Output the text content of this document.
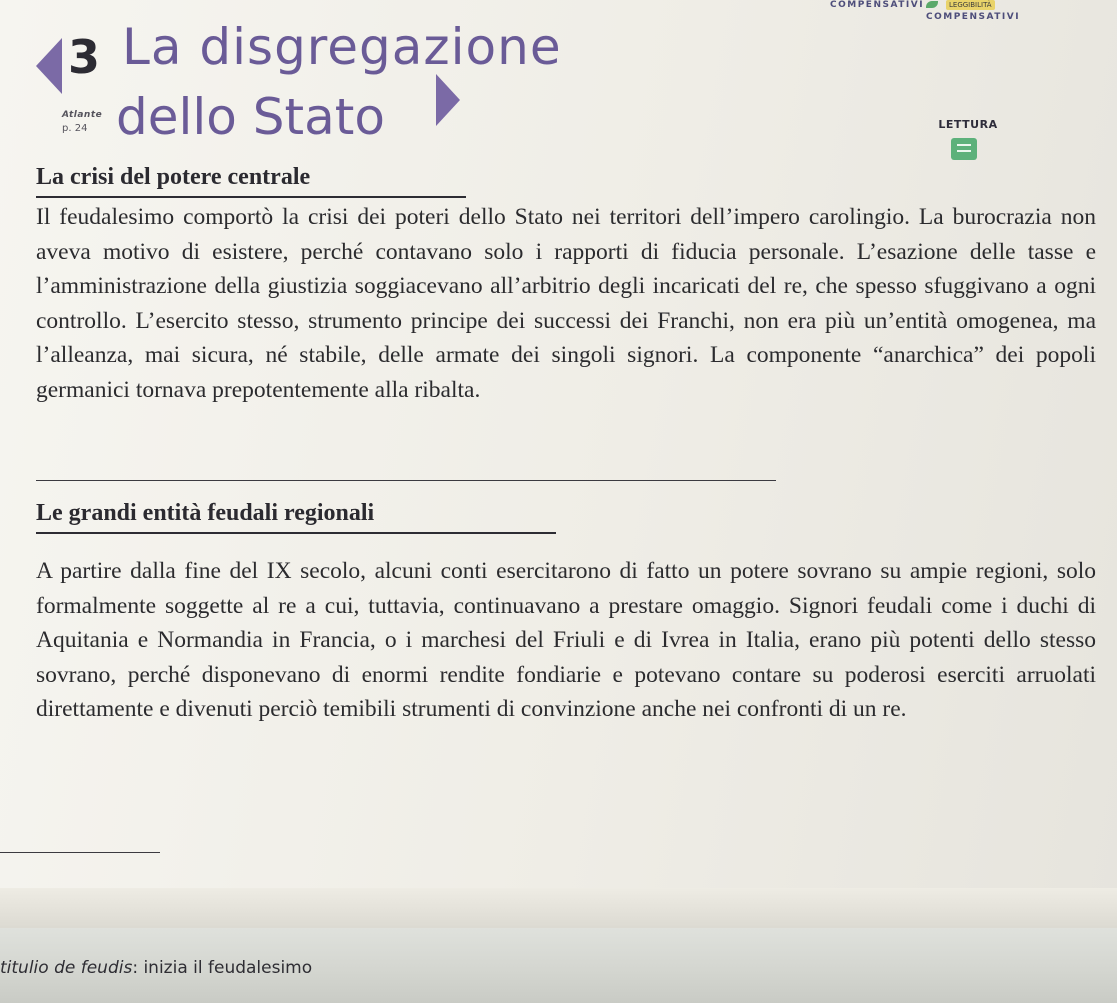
3 La disgregazione
dello Stato
Atlante
p. 24
COMPENSATIVI
COMPENSATIVI
LEGGIBILITÀ
LETTURA
La crisi del potere centrale
Il feudalesimo comportò la crisi dei poteri dello Stato nei territori dell’impero carolingio. La burocrazia non aveva motivo di esistere, perché contavano solo i rapporti di fiducia personale. L’esazione delle tasse e l’amministrazione della giustizia soggiacevano all’arbitrio degli incaricati del re, che spesso sfuggivano a ogni controllo. L’esercito stesso, strumento principe dei successi dei Franchi, non era più un’entità omogenea, ma l’alleanza, mai sicura, né stabile, delle armate dei singoli signori. La componente “anarchica” dei popoli germanici tornava prepotentemente alla ribalta.
Le grandi entità feudali regionali
A partire dalla fine del IX secolo, alcuni conti esercitarono di fatto un potere sovrano su ampie regioni, solo formalmente soggette al re a cui, tuttavia, continuavano a prestare omaggio. Signori feudali come i duchi di Aquitania e Normandia in Francia, o i marchesi del Friuli e di Ivrea in Italia, erano più potenti dello stesso sovrano, perché disponevano di enormi rendite fondiarie e potevano contare su poderosi eserciti arruolati direttamente e divenuti perciò temibili strumenti di convinzione anche nei confronti di un re.
titulio de feudis: inizia il feudalesimo
